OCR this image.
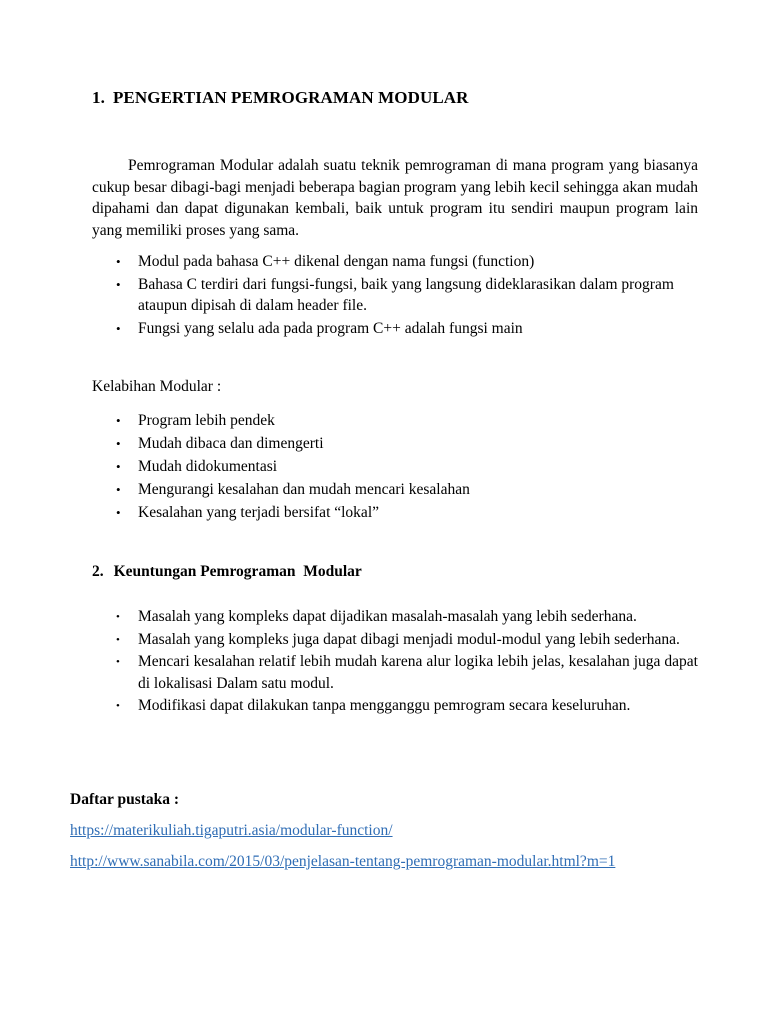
1. PENGERTIAN PEMROGRAMAN MODULAR

Pemrograman Modular adalah suatu teknik pemrograman di mana program yang biasanya cukup besar dibagi-bagi menjadi beberapa bagian program yang lebih kecil sehingga akan mudah dipahami dan dapat digunakan kembali, baik untuk program itu sendiri maupun program lain yang memiliki proses yang sama.

• Modul pada bahasa C++ dikenal dengan nama fungsi (function)
• Bahasa C terdiri dari fungsi-fungsi, baik yang langsung dideklarasikan dalam program ataupun dipisah di dalam header file.
• Fungsi yang selalu ada pada program C++ adalah fungsi main
Kelabihan Modular :
• Program lebih pendek
• Mudah dibaca dan dimengerti
• Mudah didokumentasi
• Mengurangi kesalahan dan mudah mencari kesalahan
• Kesalahan yang terjadi bersifat “lokal”
2. Keuntungan Pemrograman  Modular
• Masalah yang kompleks dapat dijadikan masalah-masalah yang lebih sederhana.
• Masalah yang kompleks juga dapat dibagi menjadi modul-modul yang lebih sederhana.
• Mencari kesalahan relatif lebih mudah karena alur logika lebih jelas, kesalahan juga dapat di lokalisasi Dalam satu modul.
• Modifikasi dapat dilakukan tanpa mengganggu pemrogram secara keseluruhan.
Daftar pustaka :
https://materikuliah.tigaputri.asia/modular-function/
http://www.sanabila.com/2015/03/penjelasan-tentang-pemrograman-modular.html?m=1
